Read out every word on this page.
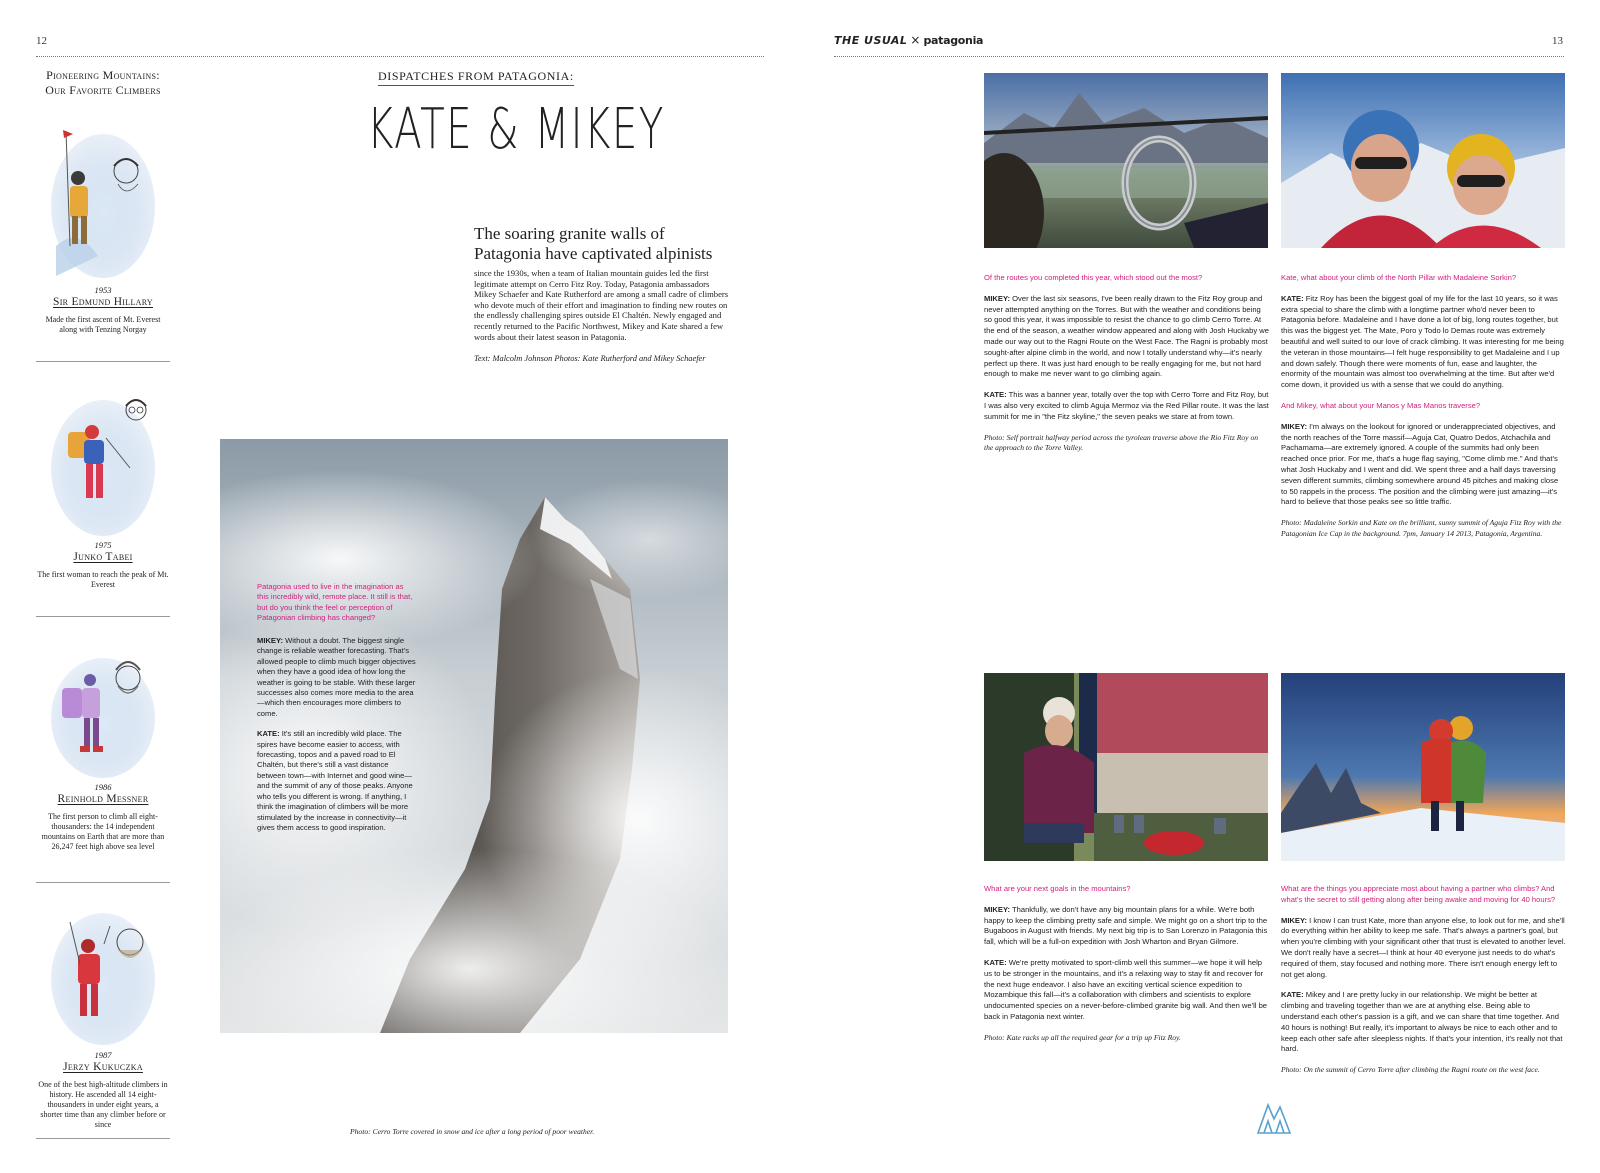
12	13
THE USUAL × patagonia
Pioneering Mountains:
Our Favorite Climbers
1953
Sir Edmund Hillary
Made the first ascent of Mt. Everest along with Tenzing Norgay
1975
Junko Tabei
The first woman to reach the peak of Mt. Everest
1986
Reinhold Messner
The first person to climb all eight-thousanders: the 14 independent mountains on Earth that are more than 26,247 feet high above sea level
1987
Jerzy Kukuczka
One of the best high-altitude climbers in history. He ascended all 14 eight-thousanders in under eight years, a shorter time than any climber before or since
DISPATCHES FROM PATAGONIA:
KATE & MIKEY
The soaring granite walls of Patagonia have captivated alpinists
since the 1930s, when a team of Italian mountain guides led the first legitimate attempt on Cerro Fitz Roy. Today, Patagonia ambassadors Mikey Schaefer and Kate Rutherford are among a small cadre of climbers who devote much of their effort and imagination to finding new routes on the endlessly challenging spires outside El Chaltén. Newly engaged and recently returned to the Pacific Northwest, Mikey and Kate shared a few words about their latest season in Patagonia.
Text: Malcolm Johnson Photos: Kate Rutherford and Mikey Schaefer
Patagonia used to live in the imagination as this incredibly wild, remote place. It still is that, but do you think the feel or perception of Patagonian climbing has changed?

MIKEY: Without a doubt. The biggest single change is reliable weather forecasting. That's allowed people to climb much bigger objectives when they have a good idea of how long the weather is going to be stable. With these larger successes also comes more media to the area—which then encourages more climbers to come.

KATE: It's still an incredibly wild place. The spires have become easier to access, with forecasting, topos and a paved road to El Chaltén, but there's still a vast distance between town—with Internet and good wine—and the summit of any of those peaks. Anyone who tells you different is wrong. If anything, I think the imagination of climbers will be more stimulated by the increase in connectivity—it gives them access to good inspiration.

Photo: Cerro Torre covered in snow and ice after a long period of poor weather.
Of the routes you completed this year, which stood out the most?

MIKEY: Over the last six seasons, I've been really drawn to the Fitz Roy group and never attempted anything on the Torres. But with the weather and conditions being so good this year, it was impossible to resist the chance to go climb Cerro Torre. At the end of the season, a weather window appeared and along with Josh Huckaby we made our way out to the Ragni Route on the West Face. The Ragni is probably most sought-after alpine climb in the world, and now I totally understand why—it's nearly perfect up there. It was just hard enough to be really engaging for me, but not hard enough to make me never want to go climbing again.

KATE: This was a banner year, totally over the top with Cerro Torre and Fitz Roy, but I was also very excited to climb Aguja Mermoz via the Red Pillar route. It was the last summit for me in "the Fitz skyline," the seven peaks we stare at from town.

Photo: Self portrait halfway period across the tyrolean traverse above the Rio Fitz Roy on the approach to the Torre Valley.
Kate, what about your climb of the North Pillar with Madaleine Sorkin?

KATE: Fitz Roy has been the biggest goal of my life for the last 10 years, so it was extra special to share the climb with a longtime partner who'd never been to Patagonia before. Madaleine and I have done a lot of big, long routes together, but this was the biggest yet. The Mate, Poro y Todo lo Demas route was extremely beautiful and well suited to our love of crack climbing. It was interesting for me being the veteran in those mountains—I felt huge responsibility to get Madaleine and I up and down safely. Though there were moments of fun, ease and laughter, the enormity of the mountain was almost too overwhelming at the time. But after we'd come down, it provided us with a sense that we could do anything.

And Mikey, what about your Manos y Mas Manos traverse?

MIKEY: I'm always on the lookout for ignored or underappreciated objectives, and the north reaches of the Torre massif—Aguja Cat, Quatro Dedos, Atchachila and Pachamama—are extremely ignored. A couple of the summits had only been reached once prior. For me, that's a huge flag saying, "Come climb me." And that's what Josh Huckaby and I went and did. We spent three and a half days traversing seven different summits, climbing somewhere around 45 pitches and making close to 50 rappels in the process. The position and the climbing were just amazing—it's hard to believe that those peaks see so little traffic.

Photo: Madaleine Sorkin and Kate on the brilliant, sunny summit of Aguja Fitz Roy with the Patagonian Ice Cap in the background. 7pm, January 14 2013, Patagonia, Argentina.
What are your next goals in the mountains?

MIKEY: Thankfully, we don't have any big mountain plans for a while. We're both happy to keep the climbing pretty safe and simple. We might go on a short trip to the Bugaboos in August with friends. My next big trip is to San Lorenzo in Patagonia this fall, which will be a full-on expedition with Josh Wharton and Bryan Gilmore.

KATE: We're pretty motivated to sport-climb well this summer—we hope it will help us to be stronger in the mountains, and it's a relaxing way to stay fit and recover for the next huge endeavor. I also have an exciting vertical science expedition to Mozambique this fall—it's a collaboration with climbers and scientists to explore undocumented species on a never-before-climbed granite big wall. And then we'll be back in Patagonia next winter.

Photo: Kate racks up all the required gear for a trip up Fitz Roy.
What are the things you appreciate most about having a partner who climbs? And what's the secret to still getting along after being awake and moving for 40 hours?

MIKEY: I know I can trust Kate, more than anyone else, to look out for me, and she'll do everything within her ability to keep me safe. That's always a partner's goal, but when you're climbing with your significant other that trust is elevated to another level. We don't really have a secret—I think at hour 40 everyone just needs to do what's required of them, stay focused and nothing more. There isn't enough energy left to not get along.

KATE: Mikey and I are pretty lucky in our relationship. We might be better at climbing and traveling together than we are at anything else. Being able to understand each other's passion is a gift, and we can share that time together. And 40 hours is nothing! But really, it's important to always be nice to each other and to keep each other safe after sleepless nights. If that's your intention, it's really not that hard.

Photo: On the summit of Cerro Torre after climbing the Ragni route on the west face.
